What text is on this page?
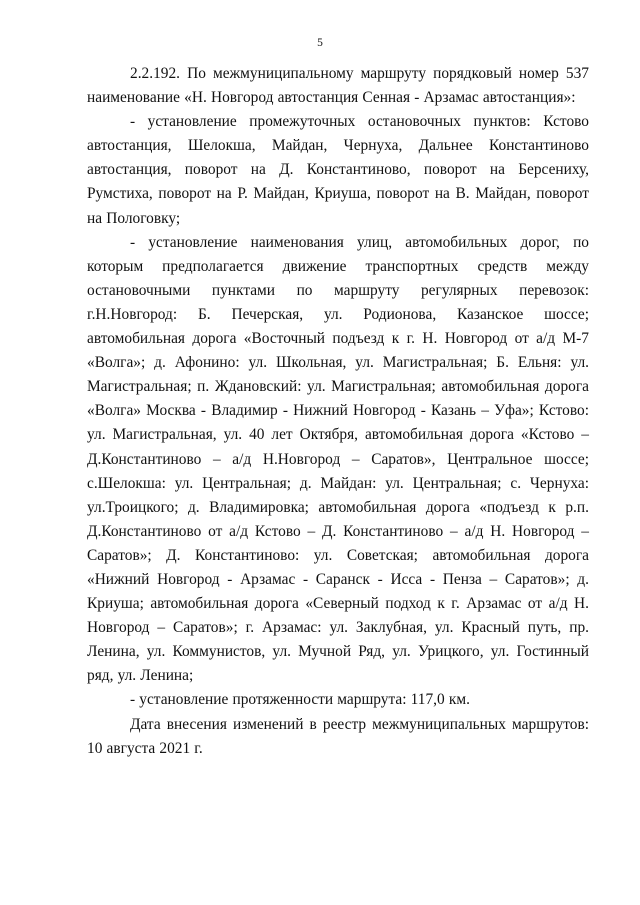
5

2.2.192. По межмуниципальному маршруту порядковый номер 537 наименование «Н. Новгород автостанция Сенная - Арзамас автостанция»:

- установление промежуточных остановочных пунктов: Кстово автостанция, Шелокша, Майдан, Чернуха, Дальнее Константиново автостанция, поворот на Д. Константиново, поворот на Берсениху, Румстиха, поворот на Р. Майдан, Криуша, поворот на В. Майдан, поворот на Пологовку;

- установление наименования улиц, автомобильных дорог, по которым предполагается движение транспортных средств между остановочными пунктами по маршруту регулярных перевозок: г.Н.Новгород: Б. Печерская, ул. Родионова, Казанское шоссе; автомобильная дорога «Восточный подъезд к г. Н. Новгород от а/д М-7 «Волга»; д. Афонино: ул. Школьная, ул. Магистральная; Б. Ельня: ул. Магистральная; п. Ждановский: ул. Магистральная; автомобильная дорога «Волга» Москва - Владимир - Нижний Новгород - Казань – Уфа»; Кстово: ул. Магистральная, ул. 40 лет Октября, автомобильная дорога «Кстово – Д.Константиново – а/д Н.Новгород – Саратов», Центральное шоссе; с.Шелокша: ул. Центральная; д. Майдан: ул. Центральная; с. Чернуха: ул.Троицкого; д. Владимировка; автомобильная дорога «подъезд к р.п. Д.Константиново от а/д Кстово – Д. Константиново – а/д Н. Новгород – Саратов»; Д. Константиново: ул. Советская; автомобильная дорога «Нижний Новгород - Арзамас - Саранск - Исса - Пенза – Саратов»; д. Криуша; автомобильная дорога «Северный подход к г. Арзамас от а/д Н. Новгород – Саратов»; г. Арзамас: ул. Заклубная, ул. Красный путь, пр. Ленина, ул. Коммунистов, ул. Мучной Ряд, ул. Урицкого, ул. Гостинный ряд, ул. Ленина;

- установление протяженности маршрута: 117,0 км.

Дата внесения изменений в реестр межмуниципальных маршрутов: 10 августа 2021 г.
